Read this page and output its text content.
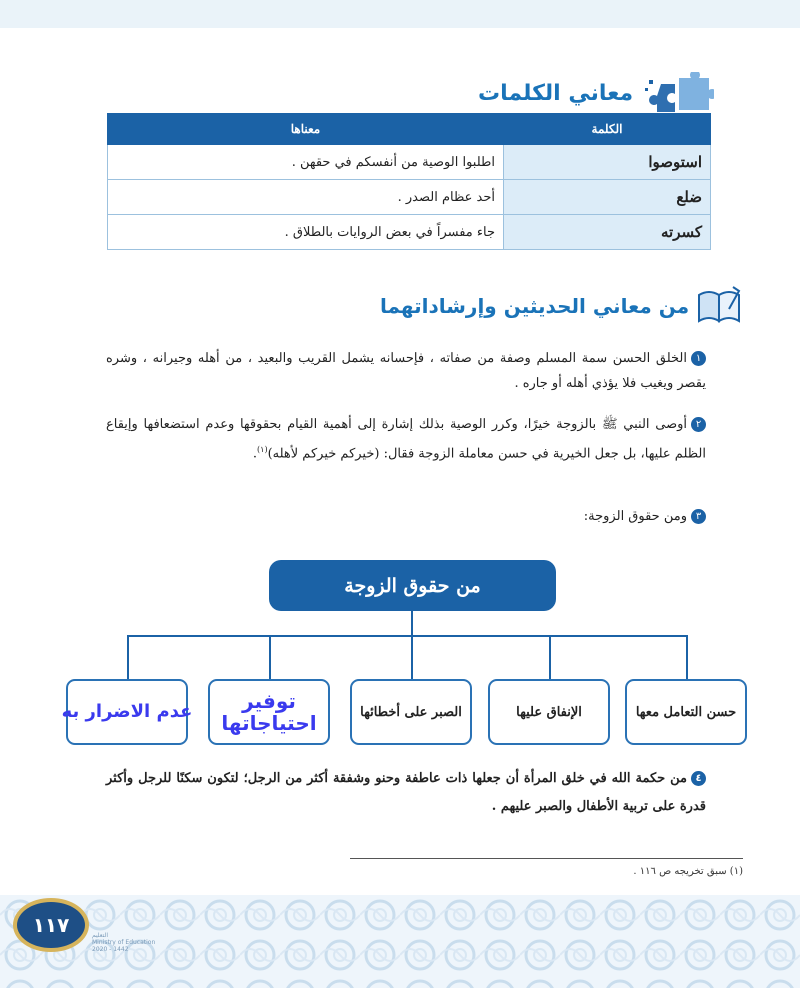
معاني الكلمات
الكلمة	معناها
استوصوا	اطلبوا الوصية من أنفسكم في حقهن .
ضلع	أحد عظام الصدر .
كسرته	جاء مفسراً في بعض الروايات بالطلاق .
من معاني الحديثين وإرشاداتهما
١الخلق الحسن سمة المسلم وصفة من صفاته ، فإحسانه يشمل القريب والبعيد ، من أهله وجيرانه ، وشره يقصر ويغيب فلا يؤذي أهله أو جاره .
٢أوصى النبي ﷺ بالزوجة خيرًا، وكرر الوصية بذلك إشارة إلى أهمية القيام بحقوقها وعدم استضعافها وإيقاع الظلم عليها، بل جعل الخيرية في حسن معاملة الزوجة فقال: (خيركم خيركم لأهله)$^{(١)}$.
٣ومن حقوق الزوجة:
من حقوق الزوجة
حسن التعامل معها
الإنفاق عليها
الصبر على أخطائها
توفير احتياجاتها
عدم الاضرار به
٤من حكمة الله في خلق المرأة أن جعلها ذات عاطفة وحنو وشفقة أكثر من الرجل؛ لتكون سكنًا للرجل وأكثر قدرة على تربية الأطفال والصبر عليهم .
(١) سبق تخريجه ص ١١٦ .
١١٧	التعليم
Ministry of Education
2020 - 1442
